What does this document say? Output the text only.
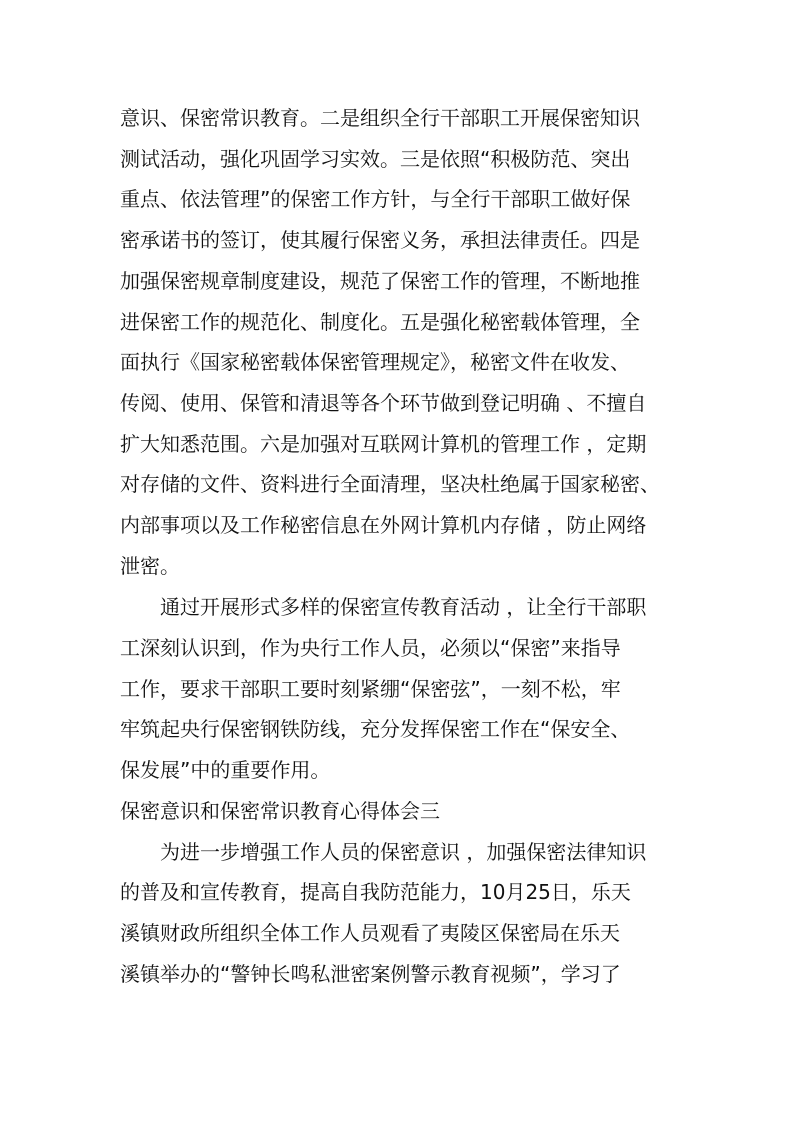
意识、保密常识教育。二是组织全行干部职工开展保密知识
测试活动，强化巩固学习实效。三是依照“积极防范、突出
重点、依法管理”的保密工作方针，与全行干部职工做好保
密承诺书的签订，使其履行保密义务，承担法律责任。四是
加强保密规章制度建设，规范了保密工作的管理，不断地推
进保密工作的规范化、制度化。五是强化秘密载体管理，全
面执行《国家秘密载体保密管理规定》，秘密文件在收发、
传阅、使用、保管和清退等各个环节做到登记明确 、不擅自
扩大知悉范围。六是加强对互联网计算机的管理工作 ，定期
对存储的文件、资料进行全面清理，坚决杜绝属于国家秘密、
内部事项以及工作秘密信息在外网计算机内存储 ，防止网络
泄密。
　　通过开展形式多样的保密宣传教育活动 ，让全行干部职
工深刻认识到，作为央行工作人员，必须以“保密”来指导
工作，要求干部职工要时刻紧绷“保密弦”，一刻不松，牢
牢筑起央行保密钢铁防线，充分发挥保密工作在“保安全、
保发展”中的重要作用。
保密意识和保密常识教育心得体会三
　　为进一步增强工作人员的保密意识 ，加强保密法律知识
的普及和宣传教育，提高自我防范能力，10月25日，乐天
溪镇财政所组织全体工作人员观看了夷陵区保密局在乐天
溪镇举办的“警钟长鸣私泄密案例警示教育视频”，学习了
